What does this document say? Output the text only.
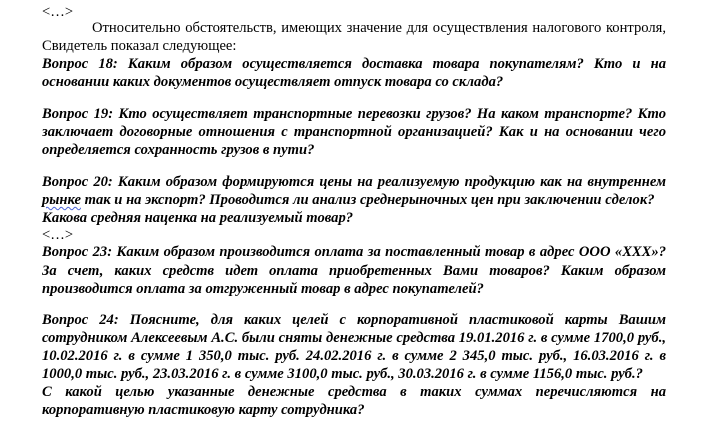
<…>

Относительно обстоятельств, имеющих значение для осуществления налогового контроля,

Свидетель показал следующее:

Вопрос 18: Каким образом осуществляется доставка товара покупателям? Кто и на

основании каких документов осуществляет отпуск товара со склада?

Вопрос 19: Кто осуществляет транспортные перевозки грузов? На каком транспорте? Кто

заключает договорные отношения с транспортной организацией? Как и на основании чего

определяется сохранность грузов в пути?

Вопрос 20: Каким образом формируются цены на реализуемую продукцию как на внутреннем

рынке так и на экспорт? Проводится ли анализ среднерыночных цен при заключении сделок?

Какова средняя наценка на реализуемый товар?

<…>

Вопрос 23: Каким образом производится оплата за поставленный товар в адрес ООО «ХХХ»?

За счет, каких средств идет оплата приобретенных Вами товаров? Каким образом

производится оплата за отгруженный товар в адрес покупателей?

Вопрос 24: Поясните, для каких целей с корпоративной пластиковой карты Вашим

сотрудником Алексеевым А.С. были сняты денежные средства 19.01.2016 г. в сумме 1700,0 руб.,

10.02.2016 г. в сумме 1 350,0 тыс. руб. 24.02.2016 г. в сумме 2 345,0 тыс. руб., 16.03.2016 г. в

1000,0 тыс. руб., 23.03.2016 г. в сумме 3100,0 тыс. руб., 30.03.2016 г. в сумме 1156,0 тыс. руб.?

С какой целью указанные денежные средства в таких суммах перечисляются на

корпоративную пластиковую карту сотрудника?
